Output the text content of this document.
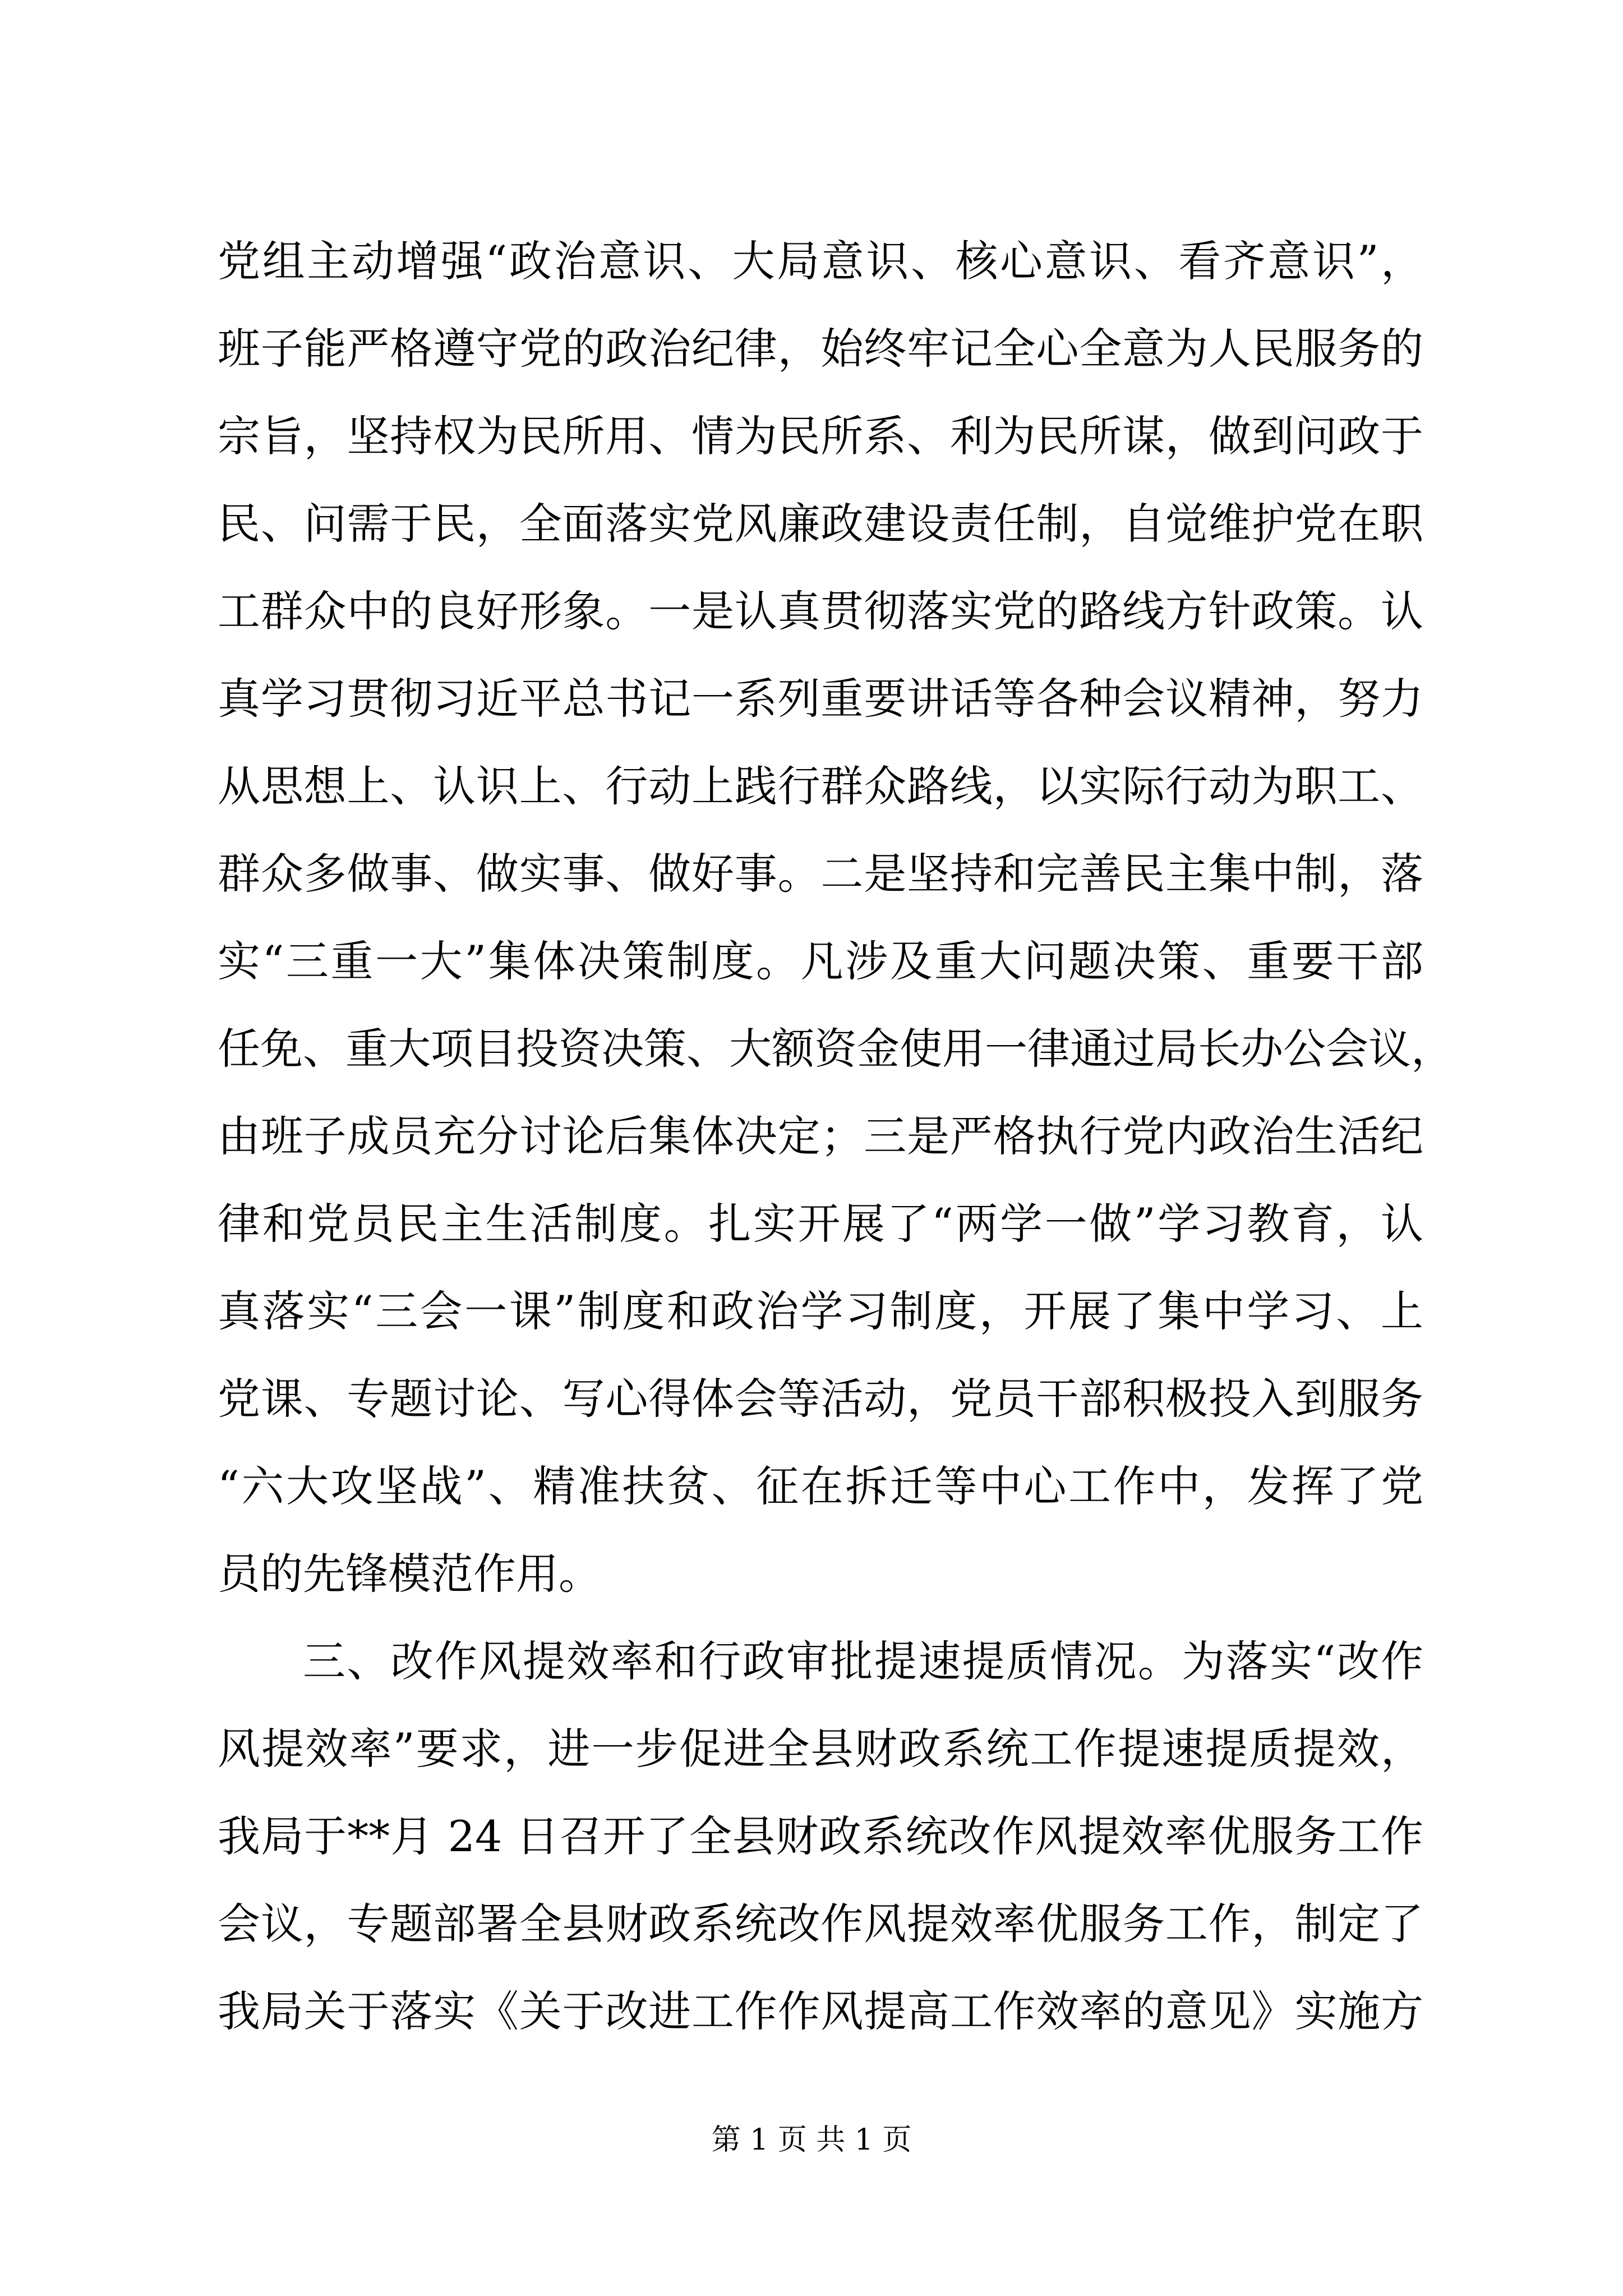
党组主动增强“政治意识、大局意识、核心意识、看齐意识”，
班子能严格遵守党的政治纪律，始终牢记全心全意为人民服务的
宗旨，坚持权为民所用、情为民所系、利为民所谋，做到问政于
民、问需于民，全面落实党风廉政建设责任制，自觉维护党在职
工群众中的良好形象。一是认真贯彻落实党的路线方针政策。认
真学习贯彻习近平总书记一系列重要讲话等各种会议精神，努力
从思想上、认识上、行动上践行群众路线，以实际行动为职工、
群众多做事、做实事、做好事。二是坚持和完善民主集中制，落
实“三重一大”集体决策制度。凡涉及重大问题决策、重要干部
任免、重大项目投资决策、大额资金使用一律通过局长办公会议，
由班子成员充分讨论后集体决定；三是严格执行党内政治生活纪
律和党员民主生活制度。扎实开展了“两学一做”学习教育，认
真落实“三会一课”制度和政治学习制度，开展了集中学习、上
党课、专题讨论、写心得体会等活动，党员干部积极投入到服务
“六大攻坚战”、精准扶贫、征在拆迁等中心工作中，发挥了党
员的先锋模范作用。
三、改作风提效率和行政审批提速提质情况。为落实“改作
风提效率”要求，进一步促进全县财政系统工作提速提质提效，
我局于**月 24 日召开了全县财政系统改作风提效率优服务工作
会议，专题部署全县财政系统改作风提效率优服务工作，制定了
我局关于落实《关于改进工作作风提高工作效率的意见》实施方
第 1 页 共 1 页
